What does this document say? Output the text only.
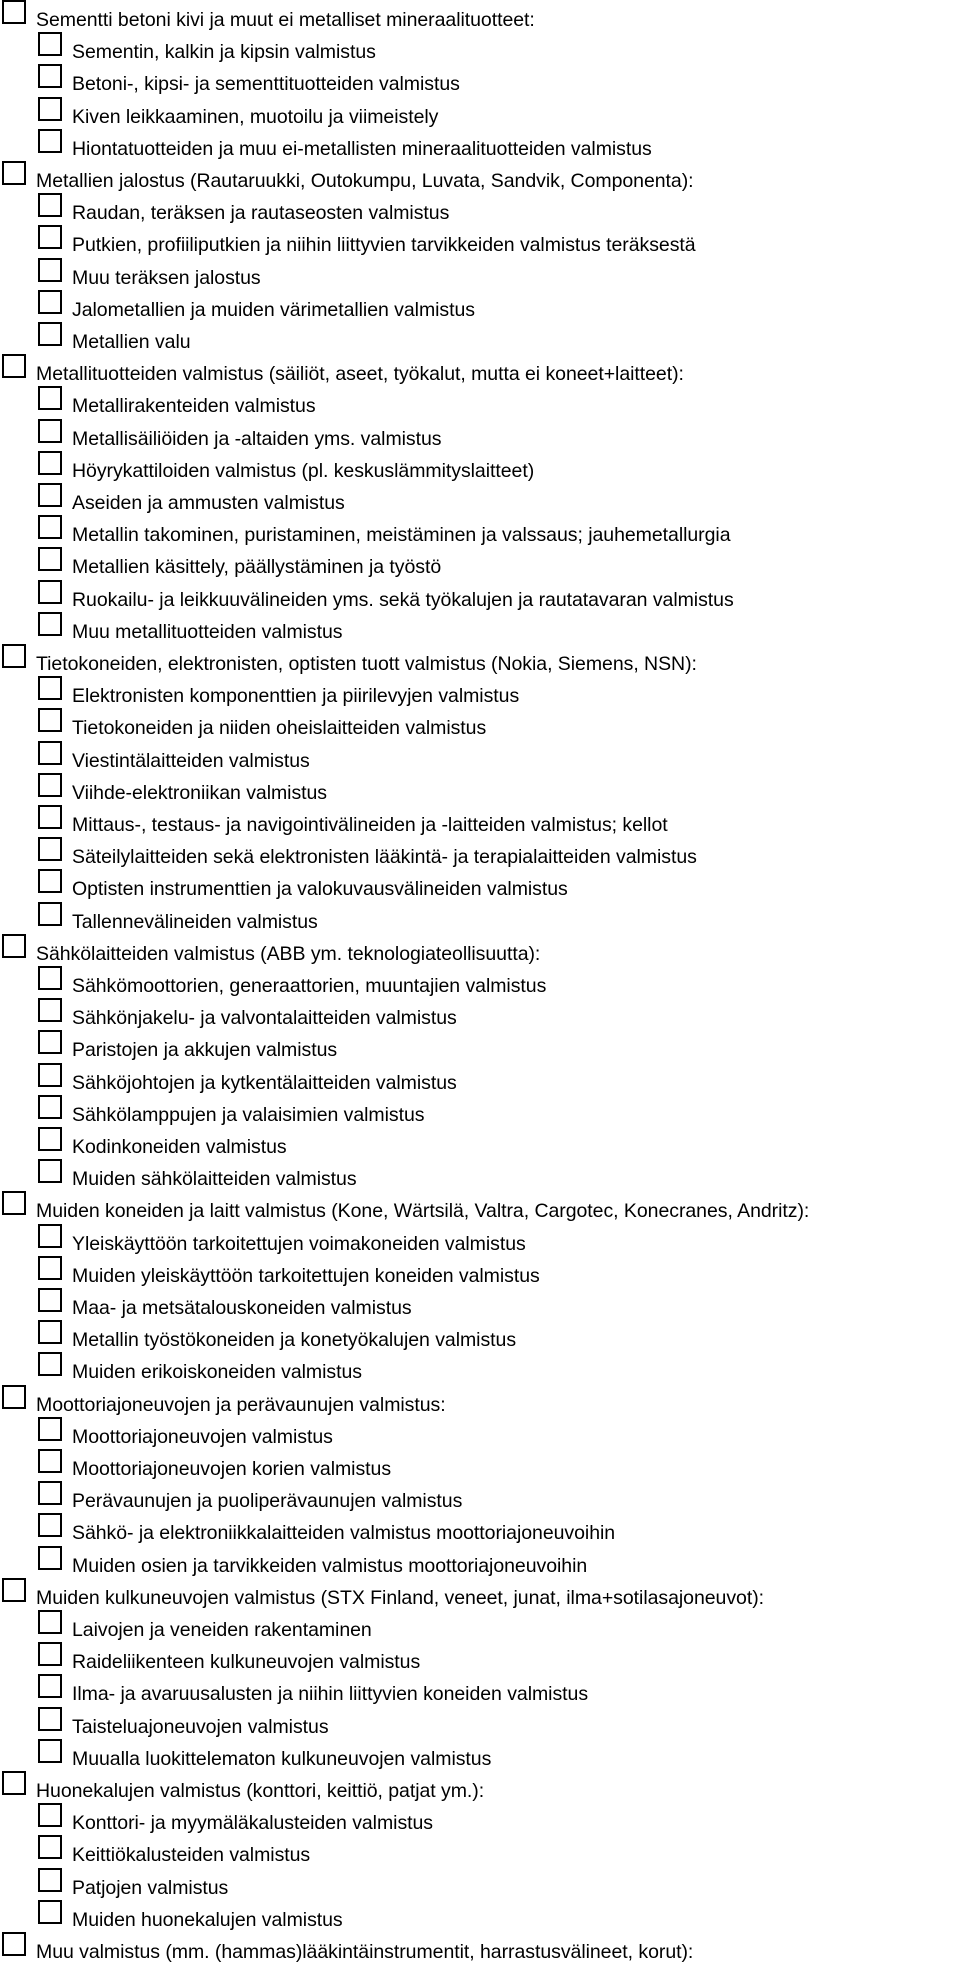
Sementti betoni kivi ja muut ei metalliset mineraalituotteet:
Sementin, kalkin ja kipsin valmistus
Betoni-, kipsi- ja sementtituotteiden valmistus
Kiven leikkaaminen, muotoilu ja viimeistely
Hiontatuotteiden ja muu ei-metallisten mineraalituotteiden valmistus
Metallien jalostus (Rautaruukki, Outokumpu, Luvata, Sandvik, Componenta):
Raudan, teräksen ja rautaseosten valmistus
Putkien, profiiliputkien ja niihin liittyvien tarvikkeiden valmistus teräksestä
Muu teräksen jalostus
Jalometallien ja muiden värimetallien valmistus
Metallien valu
Metallituotteiden valmistus (säiliöt, aseet, työkalut, mutta ei koneet+laitteet):
Metallirakenteiden valmistus
Metallisäiliöiden ja -altaiden yms. valmistus
Höyrykattiloiden valmistus (pl. keskuslämmityslaitteet)
Aseiden ja ammusten valmistus
Metallin takominen, puristaminen, meistäminen ja valssaus; jauhemetallurgia
Metallien käsittely, päällystäminen ja työstö
Ruokailu- ja leikkuuvälineiden yms. sekä työkalujen ja rautatavaran valmistus
Muu metallituotteiden valmistus
Tietokoneiden, elektronisten, optisten tuott valmistus (Nokia, Siemens, NSN):
Elektronisten komponenttien ja piirilevyjen valmistus
Tietokoneiden ja niiden oheislaitteiden valmistus
Viestintälaitteiden valmistus
Viihde-elektroniikan valmistus
Mittaus-, testaus- ja navigointivälineiden ja -laitteiden valmistus; kellot
Säteilylaitteiden sekä elektronisten lääkintä- ja terapialaitteiden valmistus
Optisten instrumenttien ja valokuvausvälineiden valmistus
Tallennevälineiden valmistus
Sähkölaitteiden valmistus (ABB ym. teknologiateollisuutta):
Sähkömoottorien, generaattorien, muuntajien valmistus
Sähkönjakelu- ja valvontalaitteiden valmistus
Paristojen ja akkujen valmistus
Sähköjohtojen ja kytkentälaitteiden valmistus
Sähkölamppujen ja valaisimien valmistus
Kodinkoneiden valmistus
Muiden sähkölaitteiden valmistus
Muiden koneiden ja laitt valmistus (Kone, Wärtsilä, Valtra, Cargotec, Konecranes, Andritz):
Yleiskäyttöön tarkoitettujen voimakoneiden valmistus
Muiden yleiskäyttöön tarkoitettujen koneiden valmistus
Maa- ja metsätalouskoneiden valmistus
Metallin työstökoneiden ja konetyökalujen valmistus
Muiden erikoiskoneiden valmistus
Moottoriajoneuvojen ja perävaunujen valmistus:
Moottoriajoneuvojen valmistus
Moottoriajoneuvojen korien valmistus
Perävaunujen ja puoliperävaunujen valmistus
Sähkö- ja elektroniikkalaitteiden valmistus moottoriajoneuvoihin
Muiden osien ja tarvikkeiden valmistus moottoriajoneuvoihin
Muiden kulkuneuvojen valmistus (STX Finland, veneet, junat, ilma+sotilasajoneuvot):
Laivojen ja veneiden rakentaminen
Raideliikenteen kulkuneuvojen valmistus
Ilma- ja avaruusalusten ja niihin liittyvien koneiden valmistus
Taisteluajoneuvojen valmistus
Muualla luokittelematon kulkuneuvojen valmistus
Huonekalujen valmistus (konttori, keittiö, patjat ym.):
Konttori- ja myymäläkalusteiden valmistus
Keittiökalusteiden valmistus
Patjojen valmistus
Muiden huonekalujen valmistus
Muu valmistus (mm. (hammas)lääkintäinstrumentit, harrastusvälineet, korut):
